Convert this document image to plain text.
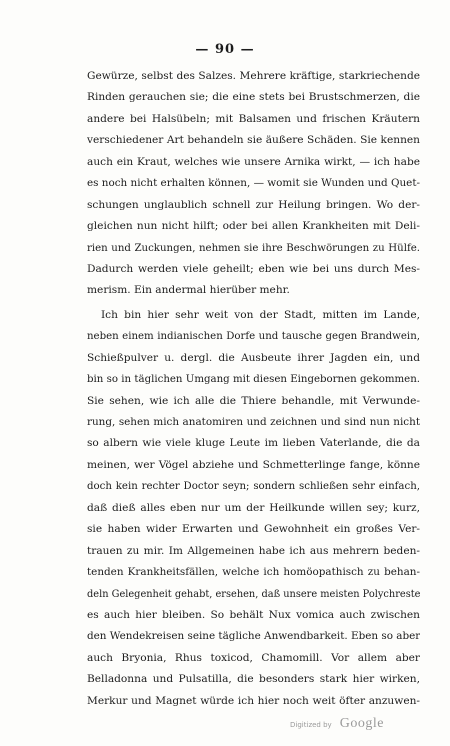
— 90 —
Gewürze, selbst des Salzes. Mehrere kräftige, starkriechende
Rinden gerauchen sie; die eine stets bei Brustschmerzen, die
andere bei Halsübeln; mit Balsamen und frischen Kräutern
verschiedener Art behandeln sie äußere Schäden. Sie kennen
auch ein Kraut, welches wie unsere Arnika wirkt, — ich habe
es noch nicht erhalten können, — womit sie Wunden und Quet-
schungen unglaublich schnell zur Heilung bringen. Wo der-
gleichen nun nicht hilft; oder bei allen Krankheiten mit Deli-
rien und Zuckungen, nehmen sie ihre Beschwörungen zu Hülfe.
Dadurch werden viele geheilt; eben wie bei uns durch Mes-
merism. Ein andermal hierüber mehr.
Ich bin hier sehr weit von der Stadt, mitten im Lande,
neben einem indianischen Dorfe und tausche gegen Brandwein,
Schießpulver u. dergl. die Ausbeute ihrer Jagden ein, und
bin so in täglichen Umgang mit diesen Eingebornen gekommen.
Sie sehen, wie ich alle die Thiere behandle, mit Verwunde-
rung, sehen mich anatomiren und zeichnen und sind nun nicht
so albern wie viele kluge Leute im lieben Vaterlande, die da
meinen, wer Vögel abziehe und Schmetterlinge fange, könne
doch kein rechter Doctor seyn; sondern schließen sehr einfach,
daß dieß alles eben nur um der Heilkunde willen sey; kurz,
sie haben wider Erwarten und Gewohnheit ein großes Ver-
trauen zu mir. Im Allgemeinen habe ich aus mehrern beden-
tenden Krankheitsfällen, welche ich homöopathisch zu behan-
deln Gelegenheit gehabt, ersehen, daß unsere meisten Polychreste
es auch hier bleiben. So behält Nux vomica auch zwischen
den Wendekreisen seine tägliche Anwendbarkeit. Eben so aber
auch Bryonia, Rhus toxicod, Chamomill. Vor allem aber
Belladonna und Pulsatilla, die besonders stark hier wirken,
Merkur und Magnet würde ich hier noch weit öfter anzuwen-
Digitized by Google
